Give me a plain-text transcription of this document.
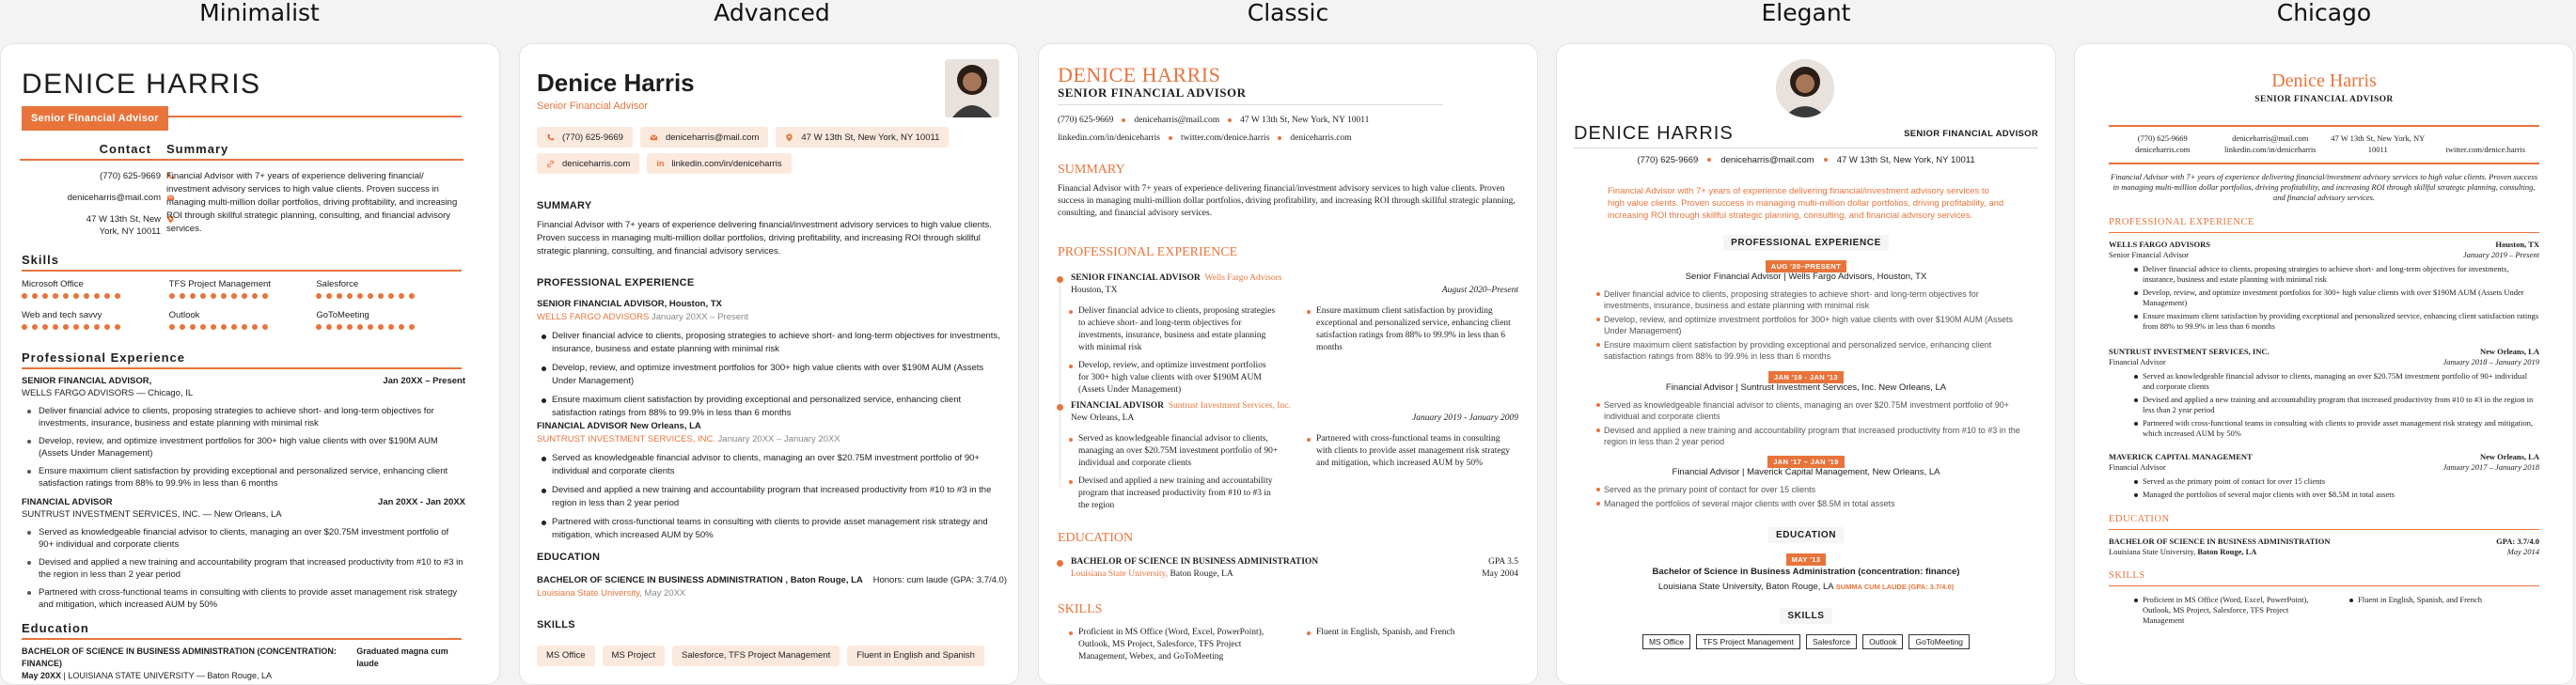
Minimalist	Advanced	Classic	Elegant	Chicago
DENICE HARRIS
Senior Financial Advisor
Contact Summary
(770) 625-9669
deniceharris@mail.com
47 W 13th St, New York, NY 10011
Financial Advisor with 7+ years of experience delivering financial/ investment advisory services to high value clients. Proven success in managing multi-million dollar portfolios, driving profitability, and increasing ROI through skillful strategic planning, consulting, and financial advisory services.
Skills
Microsoft Office	TFS Project Management	Salesforce
Web and tech savvy	Outlook	GoToMeeting
Professional Experience
SENIOR FINANCIAL ADVISOR,	Jan 20XX – Present
WELLS FARGO ADVISORS — Chicago, IL
Deliver financial advice to clients, proposing strategies to achieve short- and long-term objectives for investments, insurance, business and estate planning with minimal risk
Develop, review, and optimize investment portfolios for 300+ high value clients with over $190M AUM (Assets Under Management)
Ensure maximum client satisfaction by providing exceptional and personalized service, enhancing client satisfaction ratings from 88% to 99.9% in less than 6 months
FINANCIAL ADVISOR	Jan 20XX - Jan 20XX
SUNTRUST INVESTMENT SERVICES, INC. — New Orleans, LA
Served as knowledgeable financial advisor to clients, managing an over $20.75M investment portfolio of 90+ individual and corporate clients
Devised and applied a new training and accountability program that increased productivity from #10 to #3 in the region in less than 2 year period
Partnered with cross-functional teams in consulting with clients to provide asset management risk strategy and mitigation, which increased AUM by 50%
Education
BACHELOR OF SCIENCE IN BUSINESS ADMINISTRATION (CONCENTRATION: FINANCE)
Graduated magna cum laude
May 20XX | LOUISIANA STATE UNIVERSITY — Baton Rouge, LA
Denice Harris
Senior Financial Advisor
(770) 625-9669	deniceharris@mail.com	47 W 13th St, New York, NY 10011
deniceharris.com	in linkedin.com/in/deniceharris
SUMMARY
Financial Advisor with 7+ years of experience delivering financial/investment advisory services to high value clients. Proven success in managing multi-million dollar portfolios, driving profitability, and increasing ROI through skillful strategic planning, consulting, and financial advisory services.
PROFESSIONAL EXPERIENCE
SENIOR FINANCIAL ADVISOR, Houston, TX
WELLS FARGO ADVISORS January 20XX – Present
Deliver financial advice to clients, proposing strategies to achieve short- and long-term objectives for investments, insurance, business and estate planning with minimal risk
Develop, review, and optimize investment portfolios for 300+ high value clients with over $190M AUM (Assets Under Management)
Ensure maximum client satisfaction by providing exceptional and personalized service, enhancing client satisfaction ratings from 88% to 99.9% in less than 6 months
FINANCIAL ADVISOR New Orleans, LA
SUNTRUST INVESTMENT SERVICES, INC. January 20XX – January 20XX
Served as knowledgeable financial advisor to clients, managing an over $20.75M investment portfolio of 90+ individual and corporate clients
Devised and applied a new training and accountability program that increased productivity from #10 to #3 in the region in less than 2 year period
Partnered with cross-functional teams in consulting with clients to provide asset management risk strategy and mitigation, which increased AUM by 50%
EDUCATION
BACHELOR OF SCIENCE IN BUSINESS ADMINISTRATION , Baton Rouge, LA Honors: cum laude (GPA: 3.7/4.0)
Louisiana State University, May 20XX
SKILLS
MS Office	MS Project	Salesforce, TFS Project Management	Fluent in English and Spanish
DENICE HARRIS
SENIOR FINANCIAL ADVISOR
(770) 625-9669 deniceharris@mail.com 47 W 13th St, New York, NY 10011
linkedin.com/in/deniceharris twitter.com/denice.harris deniceharris.com
SUMMARY
Financial Advisor with 7+ years of experience delivering financial/investment advisory services to high value clients. Proven success in managing multi-million dollar portfolios, driving profitability, and increasing ROI through skillful strategic planning, consulting, and financial advisory services.
PROFESSIONAL EXPERIENCE
SENIOR FINANCIAL ADVISOR Wells Fargo Advisors
Houston, TX	August 2020–Present
Deliver financial advice to clients, proposing strategies to achieve short- and long-term objectives for investments, insurance, business and estate planning with minimal risk
Develop, review, and optimize investment portfolios for 300+ high value clients with over $190M AUM (Assets Under Management)
Ensure maximum client satisfaction by providing exceptional and personalized service, enhancing client satisfaction ratings from 88% to 99.9% in less than 6 months
FINANCIAL ADVISOR Suntrust Investment Services, Inc.
New Orleans, LA	January 2019 - January 2009
Served as knowledgeable financial advisor to clients, managing an over $20.75M investment portfolio of 90+ individual and corporate clients
Devised and applied a new training and accountability program that increased productivity from #10 to #3 in the region
Partnered with cross-functional teams in consulting with clients to provide asset management risk strategy and mitigation, which increased AUM by 50%
EDUCATION
BACHELOR OF SCIENCE IN BUSINESS ADMINISTRATION	GPA 3.5
Louisiana State University, Baton Rouge, LA	May 2004
SKILLS
Proficient in MS Office (Word, Excel, PowerPoint), Outlook, MS Project, Salesforce, TFS Project Management, Webex, and GoToMeeting
Fluent in English, Spanish, and French
DENICE HARRIS	SENIOR FINANCIAL ADVISOR
(770) 625-9669	deniceharris@mail.com	47 W 13th St, New York, NY 10011
Financial Advisor with 7+ years of experience delivering financial/investment advisory services to high value clients. Proven success in managing multi-million dollar portfolios, driving profitability, and increasing ROI through skillful strategic planning, consulting, and financial advisory services.
PROFESSIONAL EXPERIENCE
AUG '20–PRESENT
Senior Financial Advisor | Wells Fargo Advisors, Houston, TX
Deliver financial advice to clients, proposing strategies to achieve short- and long-term objectives for investments, insurance, business and estate planning with minimal risk
Develop, review, and optimize investment portfolios for 300+ high value clients with over $190M AUM (Assets Under Management)
Ensure maximum client satisfaction by providing exceptional and personalized service, enhancing client satisfaction ratings from 88% to 99.9% in less than 6 months
JAN '19 - JAN '13
Financial Advisor | Suntrust Investment Services, Inc. New Orleans, LA
Served as knowledgeable financial advisor to clients, managing an over $20.75M investment portfolio of 90+ individual and corporate clients
Devised and applied a new training and accountability program that increased productivity from #10 to #3 in the region in less than 2 year period
JAN '17 – JAN '19
Financial Advisor | Maverick Capital Management, New Orleans, LA
Served as the primary point of contact for over 15 clients
Managed the portfolios of several major clients with over $8.5M in total assets
EDUCATION
MAY '13
Bachelor of Science in Business Administration (concentration: finance)
Louisiana State University, Baton Rouge, LA SUMMA CUM LAUDE (GPA: 3.7/4.0)
SKILLS
MS Office	TFS Project Management	Salesforce	Outlook	GoToMeeting
Denice Harris
SENIOR FINANCIAL ADVISOR
(770) 625-9669
deniceharris.com
deniceharris@mail.com
linkedin.com/in/deniceharris
47 W 13th St, New York, NY 10011
	twitter.com/denice.harris
Financial Advisor with 7+ years of experience delivering financial/investment advisory services to high value clients. Proven success in managing multi-million dollar portfolios, driving profitability, and increasing ROI through skillful strategic planning, consulting, and financial advisory services.
PROFESSIONAL EXPERIENCE
WELLS FARGO ADVISORS	Houston, TX
Senior Financial Advisor	January 2019 – Present
Deliver financial advice to clients, proposing strategies to achieve short- and long-term objectives for investments, insurance, business and estate planning with minimal risk
Develop, review, and optimize investment portfolios for 300+ high value clients with over $190M AUM (Assets Under Management)
Ensure maximum client satisfaction by providing exceptional and personalized service, enhancing client satisfaction ratings from 88% to 99.9% in less than 6 months
SUNTRUST INVESTMENT SERVICES, INC.	New Orleans, LA
Financial Advisor	January 2018 – January 2019
Served as knowledgeable financial advisor to clients, managing an over $20.75M investment portfolio of 90+ individual and corporate clients
Devised and applied a new training and accountability program that increased productivity from #10 to #3 in the region in less than 2 year period
Partnered with cross-functional teams in consulting with clients to provide asset management risk strategy and mitigation, which increased AUM by 50%
MAVERICK CAPITAL MANAGEMENT	New Orleans, LA
Financial Advisor	January 2017 – January 2018
Served as the primary point of contact for over 15 clients
Managed the portfolios of several major clients with over $8.5M in total assets
EDUCATION
BACHELOR OF SCIENCE IN BUSINESS ADMINISTRATION	GPA: 3.7/4.0
Louisiana State University, Baton Rouge, LA	May 2014
SKILLS
Proficient in MS Office (Word, Excel, PowerPoint), Outlook, MS Project, Salesforce, TFS Project Management
Fluent in English, Spanish, and French
